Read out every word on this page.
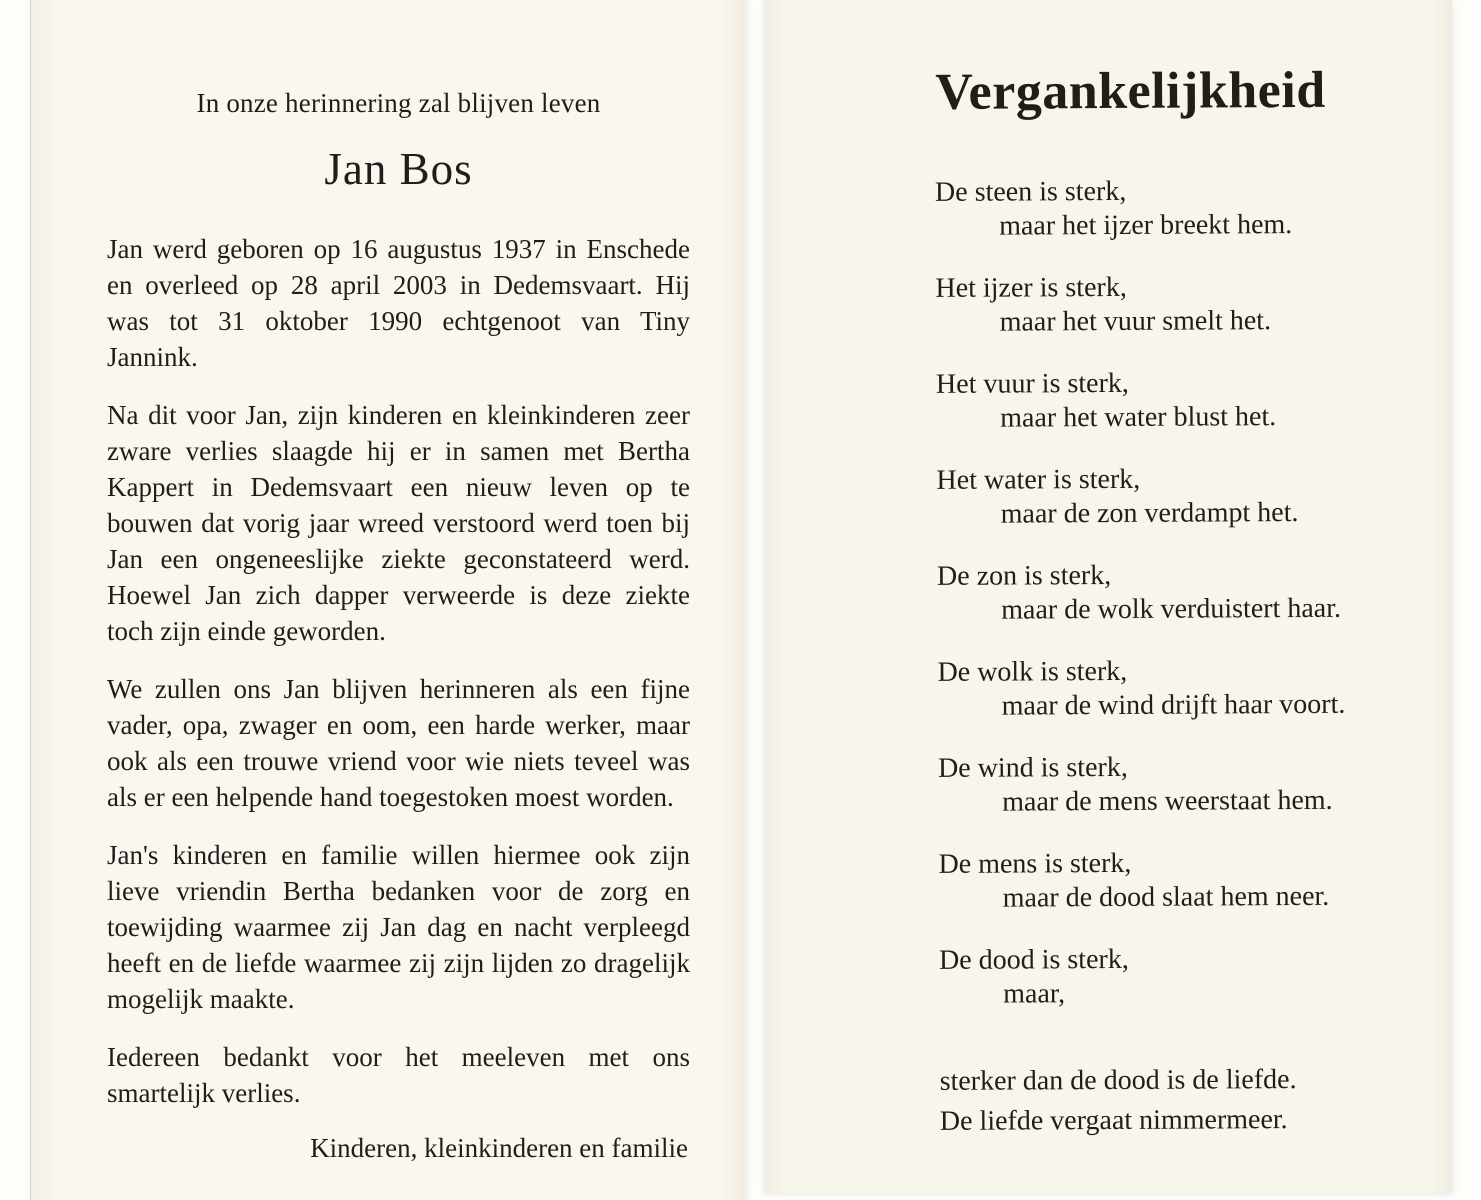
In onze herinnering zal blijven leven
Jan Bos

Jan werd geboren op 16 augustus 1937 in Enschede en overleed op 28 april 2003 in Dedemsvaart. Hij was tot 31 oktober 1990 echtgenoot van Tiny Jannink.

Na dit voor Jan, zijn kinderen en kleinkinderen zeer zware verlies slaagde hij er in samen met Bertha Kappert in Dedemsvaart een nieuw leven op te bouwen dat vorig jaar wreed verstoord werd toen bij Jan een ongeneeslijke ziekte geconstateerd werd. Hoewel Jan zich dapper verweerde is deze ziekte toch zijn einde geworden.

We zullen ons Jan blijven herinneren als een fijne vader, opa, zwager en oom, een harde werker, maar ook als een trouwe vriend voor wie niets teveel was als er een helpende hand toegestoken moest worden.

Jan's kinderen en familie willen hiermee ook zijn lieve vriendin Bertha bedanken voor de zorg en toewijding waarmee zij Jan dag en nacht verpleegd heeft en de liefde waarmee zij zijn lijden zo dragelijk mogelijk maakte.

Iedereen bedankt voor het meeleven met ons smartelijk verlies.

Kinderen, kleinkinderen en familie
Vergankelijkheid
De steen is sterk,
maar het ijzer breekt hem.
Het ijzer is sterk,
maar het vuur smelt het.
Het vuur is sterk,
maar het water blust het.
Het water is sterk,
maar de zon verdampt het.
De zon is sterk,
maar de wolk verduistert haar.
De wolk is sterk,
maar de wind drijft haar voort.
De wind is sterk,
maar de mens weerstaat hem.
De mens is sterk,
maar de dood slaat hem neer.
De dood is sterk,
maar,
sterker dan de dood is de liefde.
De liefde vergaat nimmermeer.
